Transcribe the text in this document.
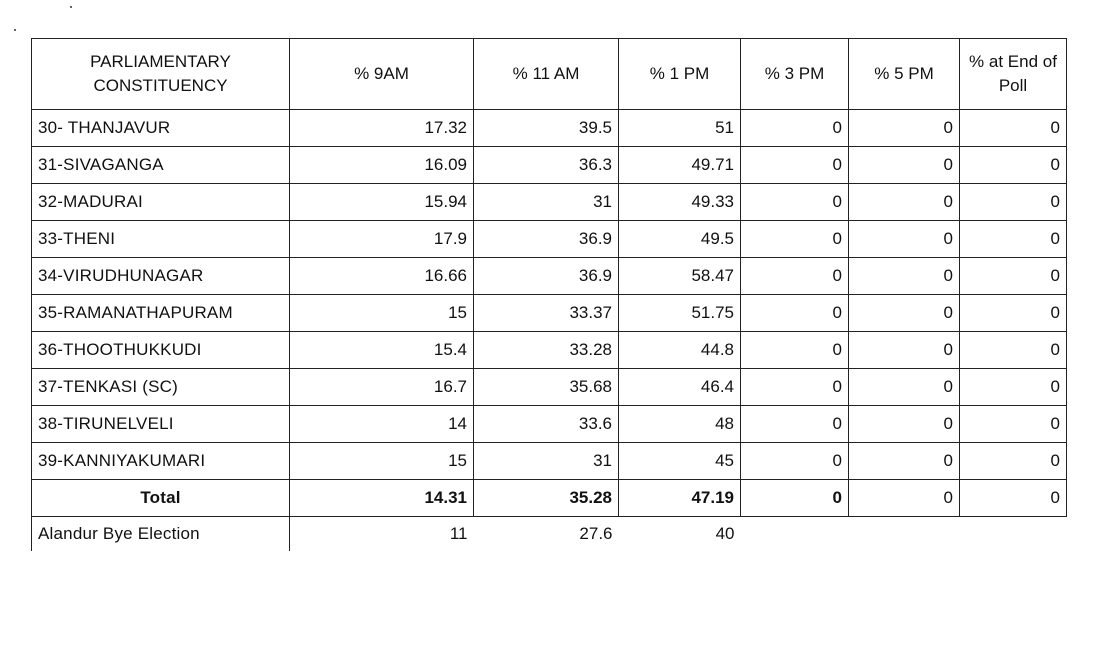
PARLIAMENTARY CONSTITUENCY	% 9AM	% 11 AM	% 1 PM	% 3 PM	% 5 PM	% at End of Poll
30- THANJAVUR	17.32	39.5	51	0	0	0
31-SIVAGANGA	16.09	36.3	49.71	0	0	0
32-MADURAI	15.94	31	49.33	0	0	0
33-THENI	17.9	36.9	49.5	0	0	0
34-VIRUDHUNAGAR	16.66	36.9	58.47	0	0	0
35-RAMANATHAPURAM	15	33.37	51.75	0	0	0
36-THOOTHUKKUDI	15.4	33.28	44.8	0	0	0
37-TENKASI (SC)	16.7	35.68	46.4	0	0	0
38-TIRUNELVELI	14	33.6	48	0	0	0
39-KANNIYAKUMARI	15	31	45	0	0	0
Total	14.31	35.28	47.19	0	0	0
Alandur Bye Election	11	27.6	40			
